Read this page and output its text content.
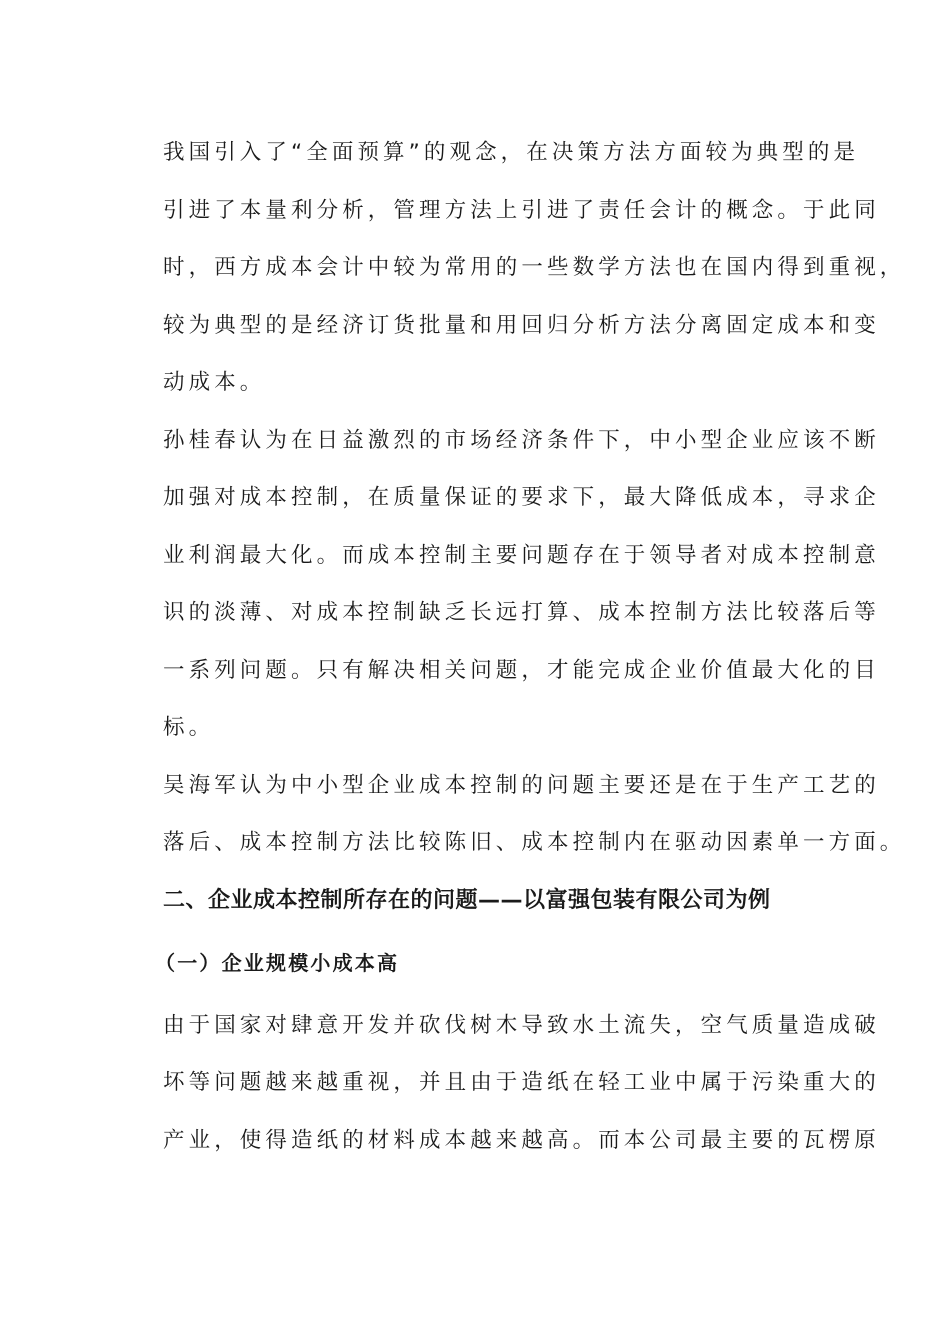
我国引入了“全面预算”的观念，在决策方法方面较为典型的是
引进了本量利分析，管理方法上引进了责任会计的概念。于此同
时，西方成本会计中较为常用的一些数学方法也在国内得到重视，
较为典型的是经济订货批量和用回归分析方法分离固定成本和变
动成本。
孙桂春认为在日益激烈的市场经济条件下，中小型企业应该不断
加强对成本控制，在质量保证的要求下，最大降低成本，寻求企
业利润最大化。而成本控制主要问题存在于领导者对成本控制意
识的淡薄、对成本控制缺乏长远打算、成本控制方法比较落后等
一系列问题。只有解决相关问题，才能完成企业价值最大化的目
标。
吴海军认为中小型企业成本控制的问题主要还是在于生产工艺的
落后、成本控制方法比较陈旧、成本控制内在驱动因素单一方面。
二、企业成本控制所存在的问题——以富强包装有限公司为例
（一）企业规模小成本高
由于国家对肆意开发并砍伐树木导致水土流失，空气质量造成破
坏等问题越来越重视，并且由于造纸在轻工业中属于污染重大的
产业，使得造纸的材料成本越来越高。而本公司最主要的瓦楞原
